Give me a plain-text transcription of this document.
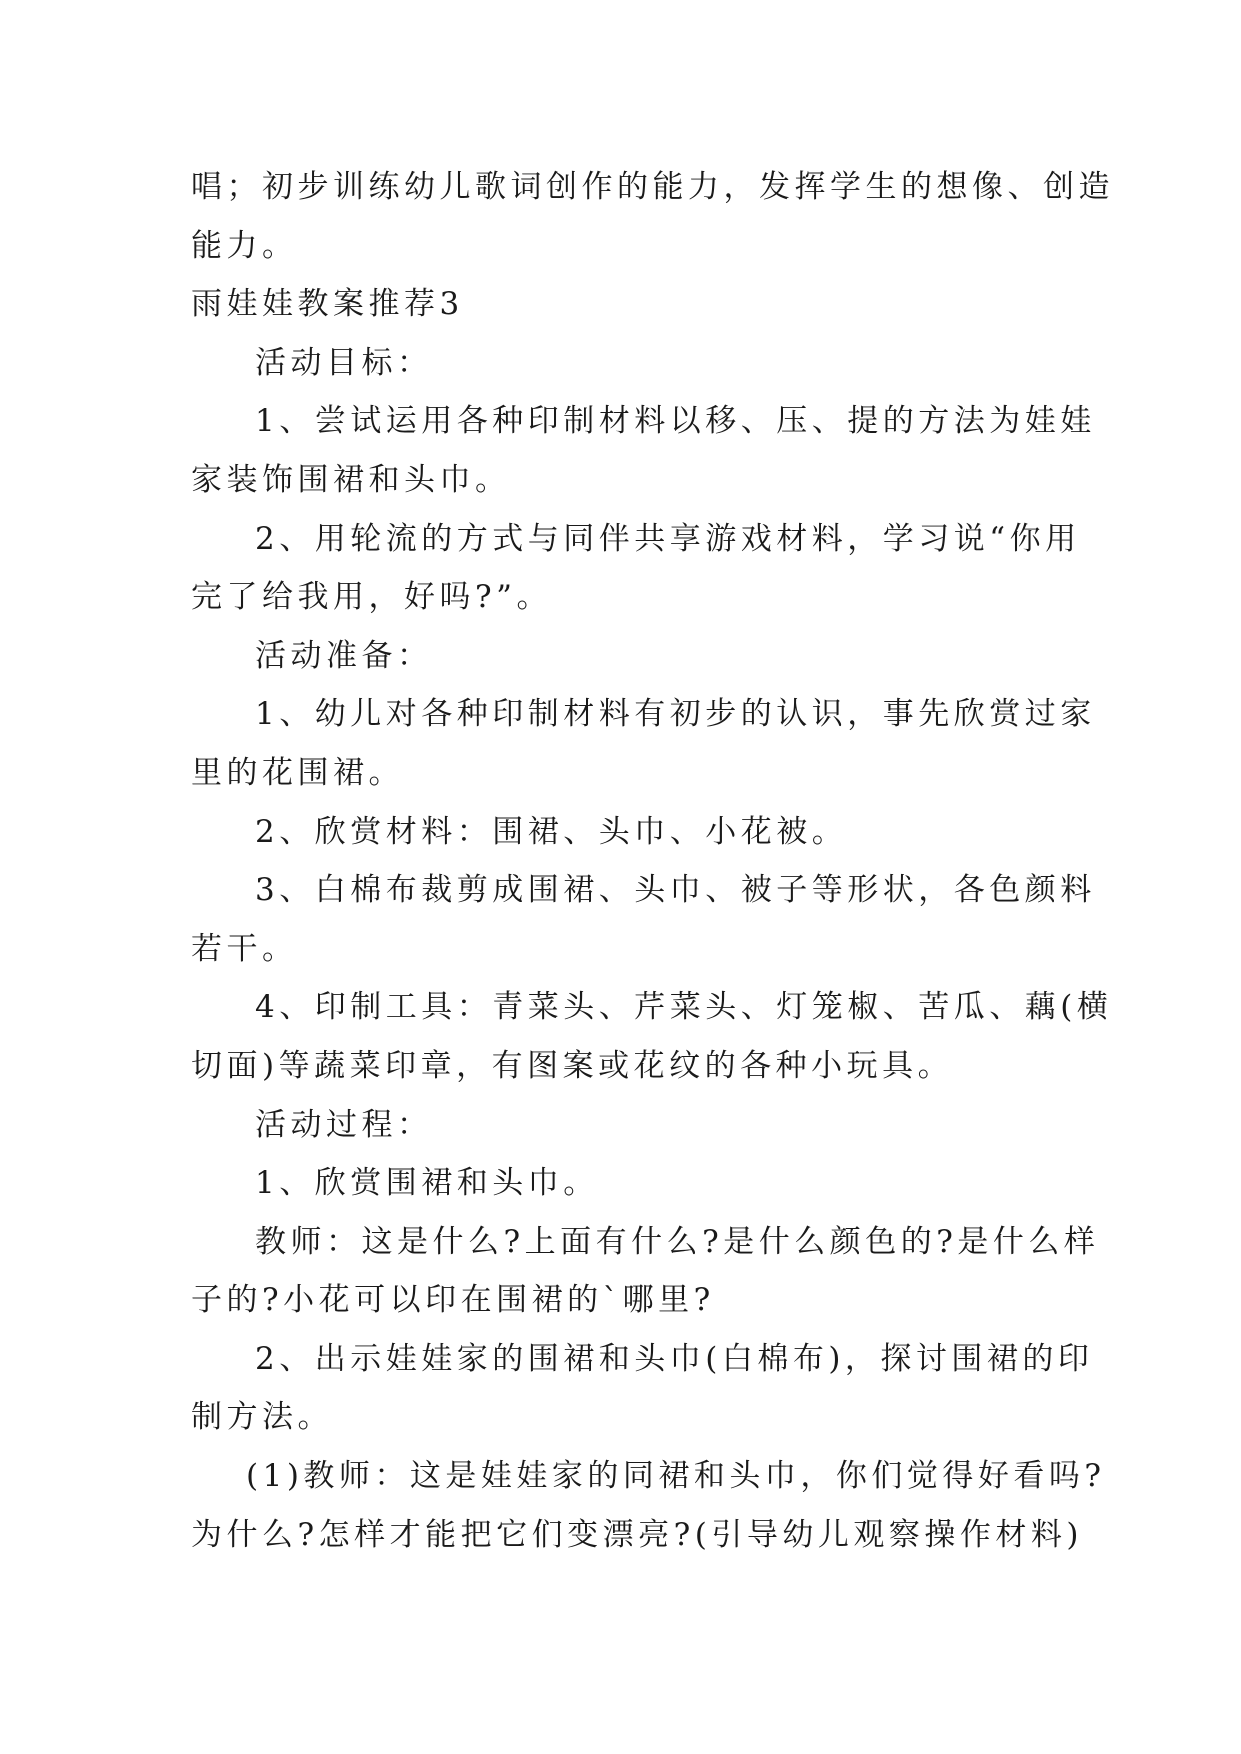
唱；初步训练幼儿歌词创作的能力，发挥学生的想像、创造
能力。
雨娃娃教案推荐3
活动目标：
1、尝试运用各种印制材料以移、压、提的方法为娃娃
家装饰围裙和头巾。
2、用轮流的方式与同伴共享游戏材料，学习说“你用
完了给我用，好吗?”。
活动准备：
1、幼儿对各种印制材料有初步的认识，事先欣赏过家
里的花围裙。
2、欣赏材料：围裙、头巾、小花被。
3、白棉布裁剪成围裙、头巾、被子等形状，各色颜料
若干。
4、印制工具：青菜头、芹菜头、灯笼椒、苦瓜、藕(横
切面)等蔬菜印章，有图案或花纹的各种小玩具。
活动过程：
1、欣赏围裙和头巾。
教师：这是什么?上面有什么?是什么颜色的?是什么样
子的?小花可以印在围裙的`哪里?
2、出示娃娃家的围裙和头巾(白棉布)，探讨围裙的印
制方法。
(1)教师：这是娃娃家的同裙和头巾，你们觉得好看吗?
为什么?怎样才能把它们变漂亮?(引导幼儿观察操作材料)
